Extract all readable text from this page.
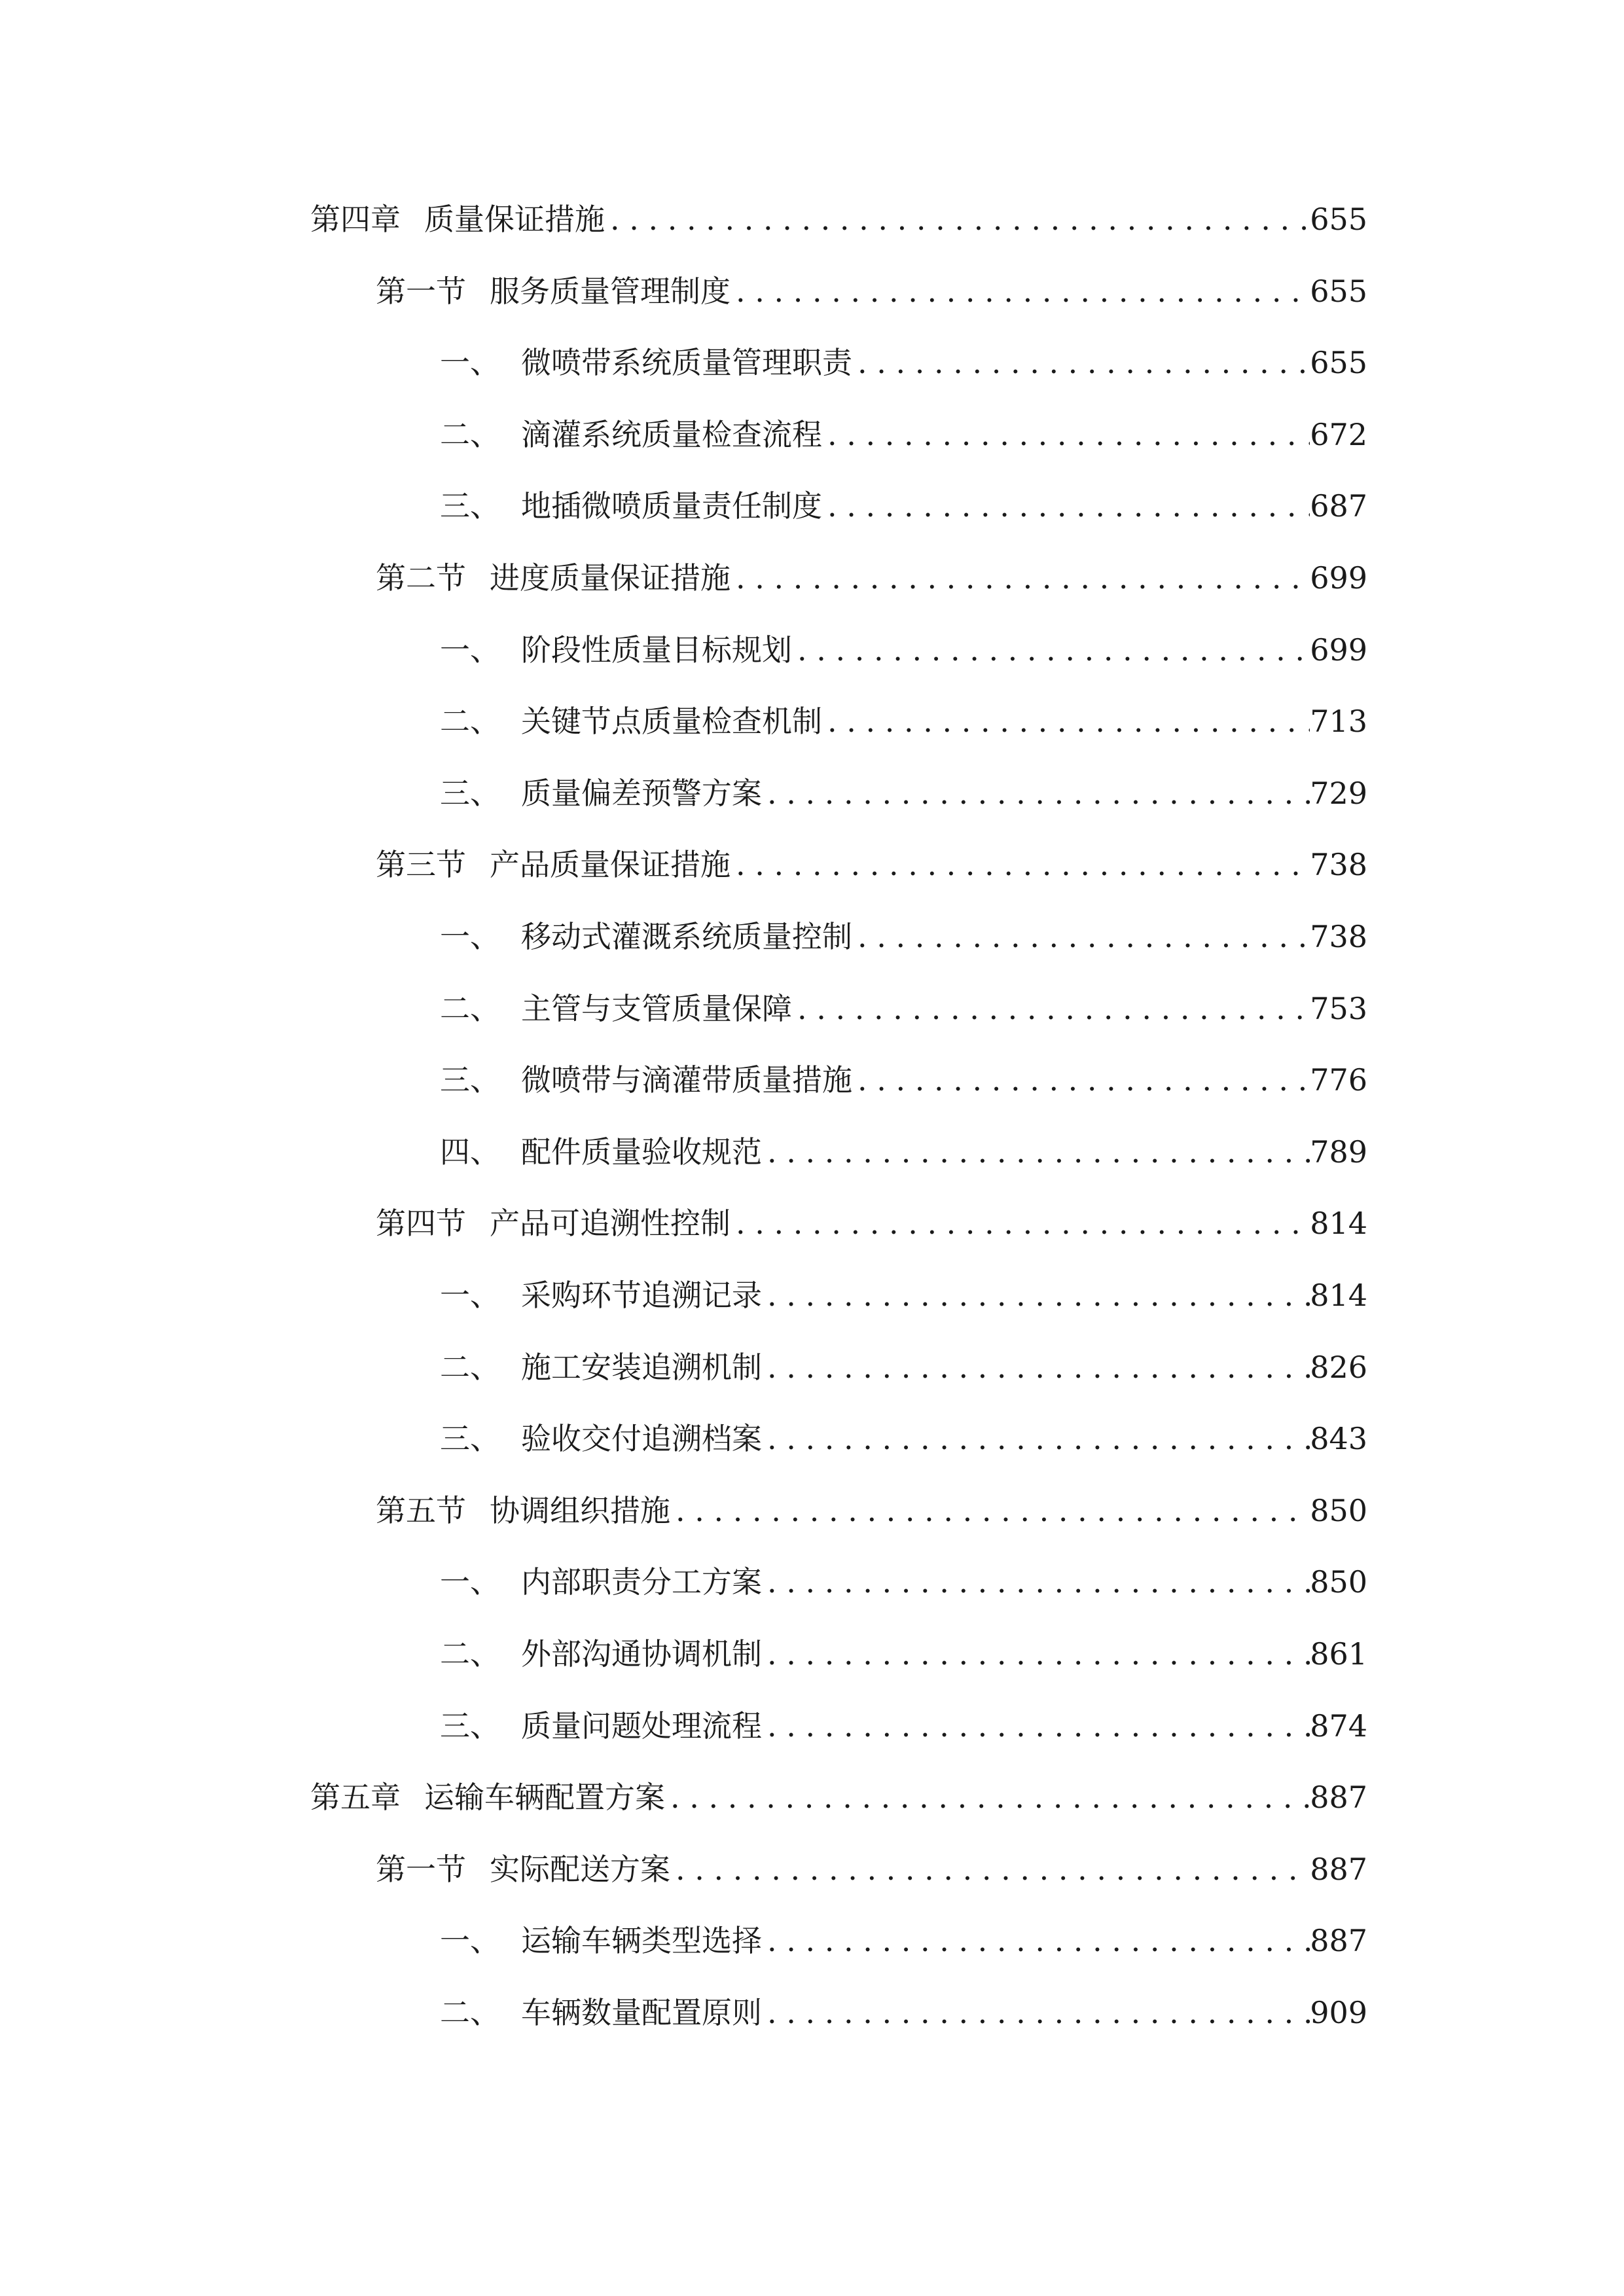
第四章 质量保证措施 . . .	655
第一节 服务质量管理制度 . . .	655
一、 微喷带系统质量管理职责 . . .	655
二、 滴灌系统质量检查流程 . . .	672
三、 地插微喷质量责任制度 . . .	687
第二节 进度质量保证措施 . . .	699
一、 阶段性质量目标规划 . . .	699
二、 关键节点质量检查机制 . . .	713
三、 质量偏差预警方案 . . .	729
第三节 产品质量保证措施 . . .	738
一、 移动式灌溉系统质量控制 . . .	738
二、 主管与支管质量保障 . . .	753
三、 微喷带与滴灌带质量措施 . . .	776
四、 配件质量验收规范 . . .	789
第四节 产品可追溯性控制 . . .	814
一、 采购环节追溯记录 . . .	814
二、 施工安装追溯机制 . . .	826
三、 验收交付追溯档案 . . .	843
第五节 协调组织措施 . . .	850
一、 内部职责分工方案 . . .	850
二、 外部沟通协调机制 . . .	861
三、 质量问题处理流程 . . .	874
第五章 运输车辆配置方案 . . .	887
第一节 实际配送方案 . . .	887
一、 运输车辆类型选择 . . .	887
二、 车辆数量配置原则 . . .	909
